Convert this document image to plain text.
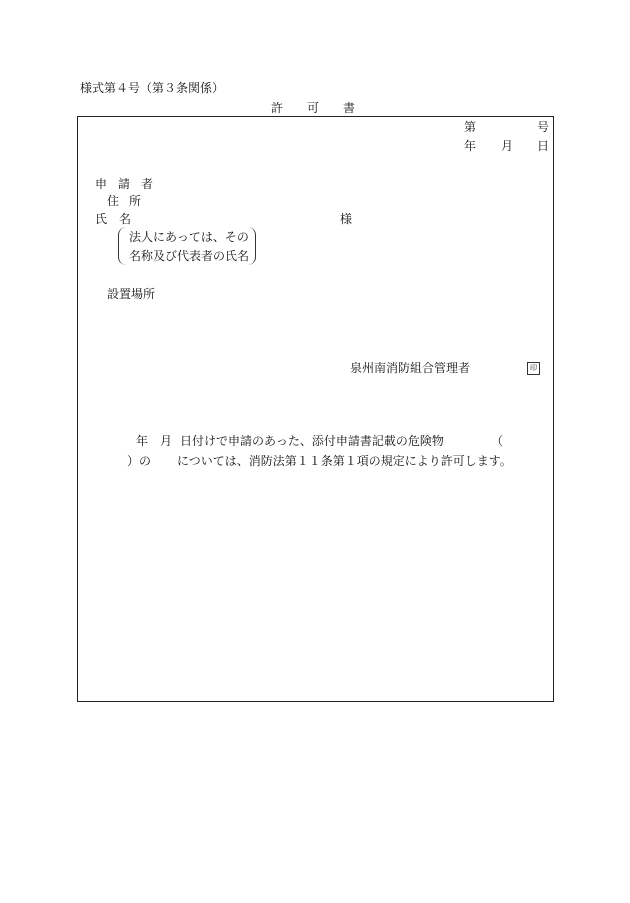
様式第４号（第３条関係）
許可書
第	号
年 月 日
申請者
住所
氏名	様
法人にあっては、その
名称及び代表者の氏名
設置場所
泉州南消防組合管理者	印
年 月 日付けで申請のあった、添付申請書記載の危険物	（
）の については、消防法第１１条第１項の規定により許可します。
